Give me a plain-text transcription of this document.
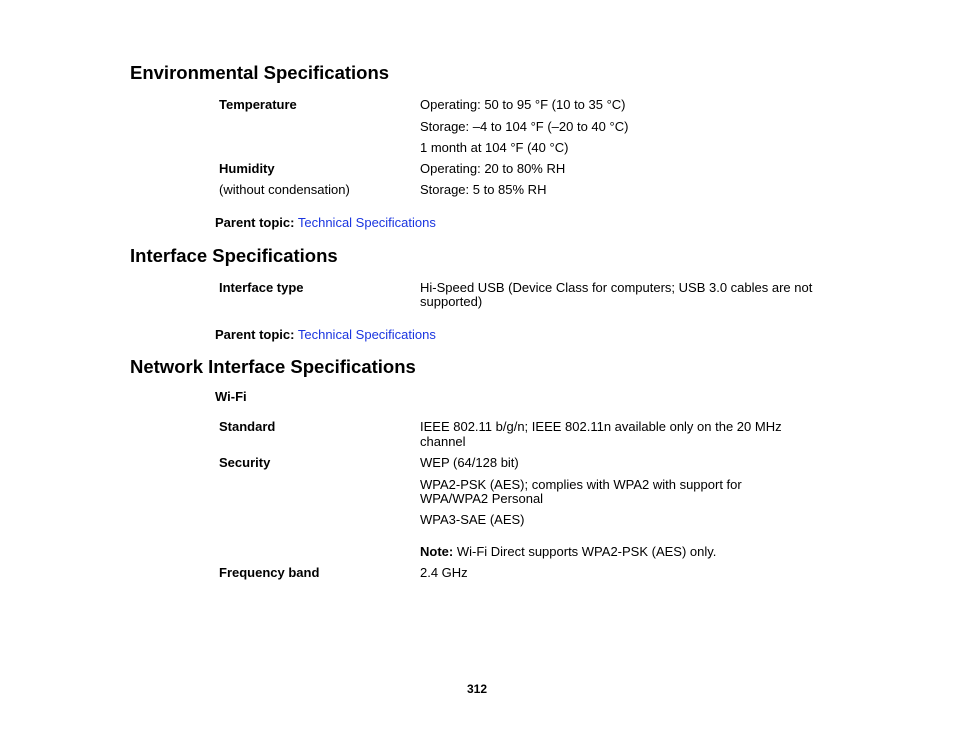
Environmental Specifications
Temperature	Operating: 50 to 95 °F (10 to 35 °C)
Storage: –4 to 104 °F (–20 to 40 °C)
1 month at 104 °F (40 °C)
Humidity	Operating: 20 to 80% RH
(without condensation)	Storage: 5 to 85% RH
Parent topic: Technical Specifications
Interface Specifications
Interface type	Hi-Speed USB (Device Class for computers; USB 3.0 cables are not
supported)
Parent topic: Technical Specifications
Network Interface Specifications
Wi-Fi
Standard	IEEE 802.11 b/g/n; IEEE 802.11n available only on the 20 MHz
channel
Security	WEP (64/128 bit)
WPA2-PSK (AES); complies with WPA2 with support for
WPA/WPA2 Personal
WPA3-SAE (AES)
Note: Wi-Fi Direct supports WPA2-PSK (AES) only.
Frequency band	2.4 GHz
312
